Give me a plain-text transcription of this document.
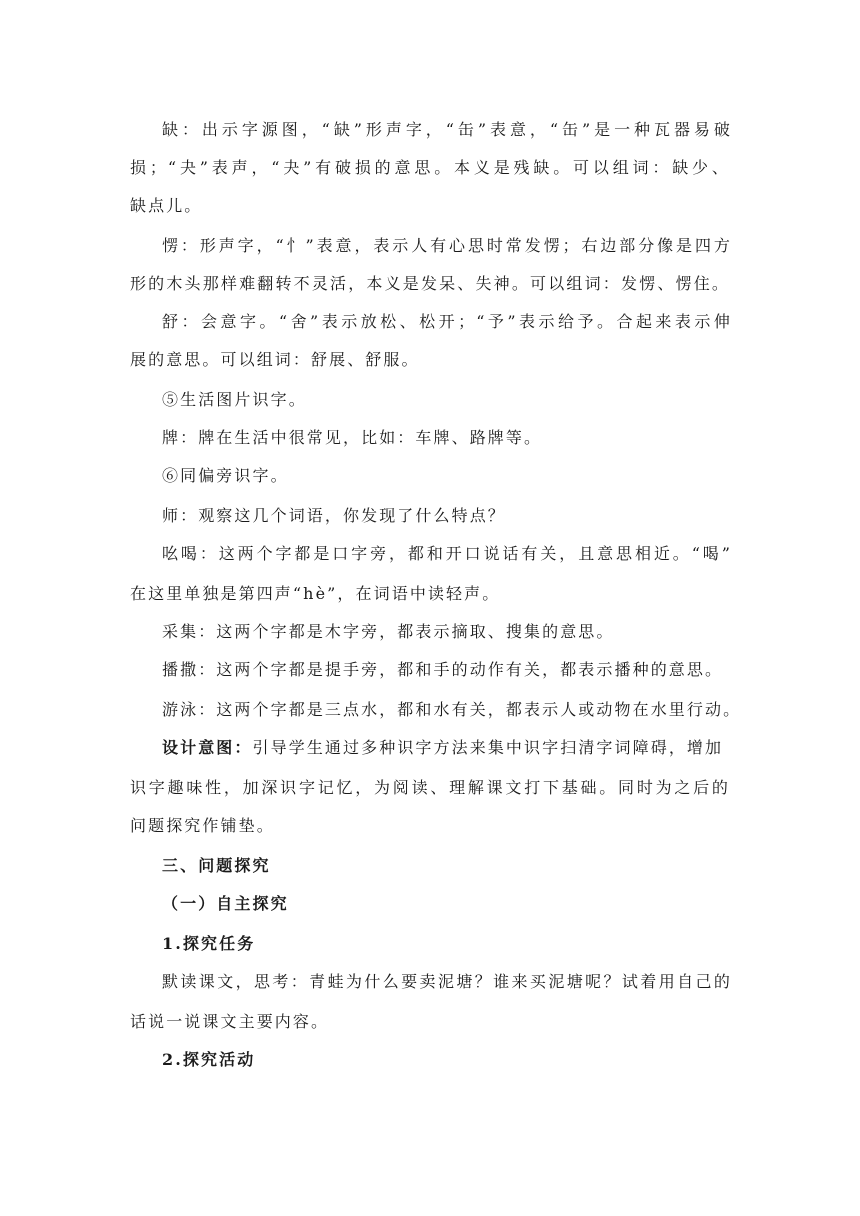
缺：出示字源图，“缺”形声字，“缶”表意，“缶”是一种瓦器易破
损；“夬”表声，“夬”有破损的意思。本义是残缺。可以组词：缺少、
缺点儿。
愣：形声字，“忄”表意，表示人有心思时常发愣；右边部分像是四方
形的木头那样难翻转不灵活，本义是发呆、失神。可以组词：发愣、愣住。
舒：会意字。“舍”表示放松、松开；“予”表示给予。合起来表示伸
展的意思。可以组词：舒展、舒服。
⑤生活图片识字。
牌：牌在生活中很常见，比如：车牌、路牌等。
⑥同偏旁识字。
师：观察这几个词语，你发现了什么特点？
吆喝：这两个字都是口字旁，都和开口说话有关，且意思相近。“喝”
在这里单独是第四声“hè”，在词语中读轻声。
采集：这两个字都是木字旁，都表示摘取、搜集的意思。
播撒：这两个字都是提手旁，都和手的动作有关，都表示播种的意思。
游泳：这两个字都是三点水，都和水有关，都表示人或动物在水里行动。
设计意图：引导学生通过多种识字方法来集中识字扫清字词障碍，增加
识字趣味性，加深识字记忆，为阅读、理解课文打下基础。同时为之后的
问题探究作铺垫。
三、问题探究
（一）自主探究
1.探究任务
默读课文，思考：青蛙为什么要卖泥塘？谁来买泥塘呢？试着用自己的
话说一说课文主要内容。
2.探究活动
